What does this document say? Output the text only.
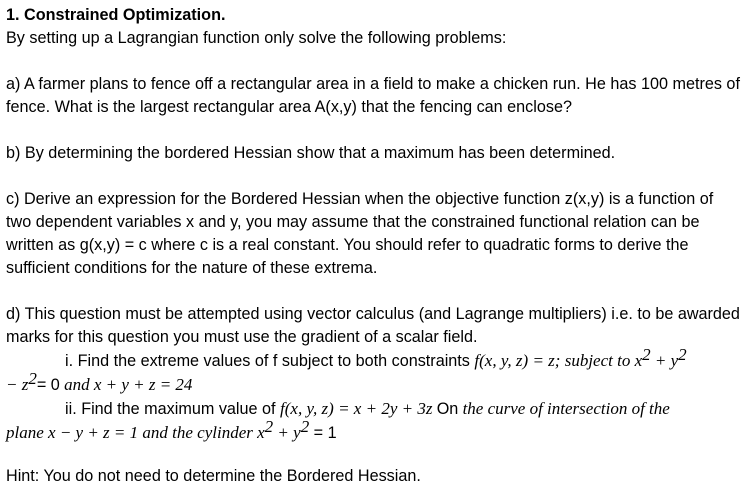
1. Constrained Optimization.

By setting up a Lagrangian function only solve the following problems:

a) A farmer plans to fence off a rectangular area in a field to make a chicken run. He has 100 metres of fence. What is the largest rectangular area A(x,y) that the fencing can enclose?

b) By determining the bordered Hessian show that a maximum has been determined.

c) Derive an expression for the Bordered Hessian when the objective function z(x,y) is a function of two dependent variables x and y, you may assume that the constrained functional relation can be written as g(x,y) = c where c is a real constant. You should refer to quadratic forms to derive the sufficient conditions for the nature of these extrema.

d) This question must be attempted using vector calculus (and Lagrange multipliers) i.e. to be awarded marks for this question you must use the gradient of a scalar field.

i. Find the extreme values of f subject to both constraints f(x, y, z) = z; subject to $x^2 + y^2$

− $z^2= 0$ and x + y + z = 24

ii. Find the maximum value of f(x, y, z) = x + 2y + 3z On the curve of intersection of the

plane x − y + z = 1 and the cylinder $x^2 + y^2 = 1$

Hint: You do not need to determine the Bordered Hessian.
